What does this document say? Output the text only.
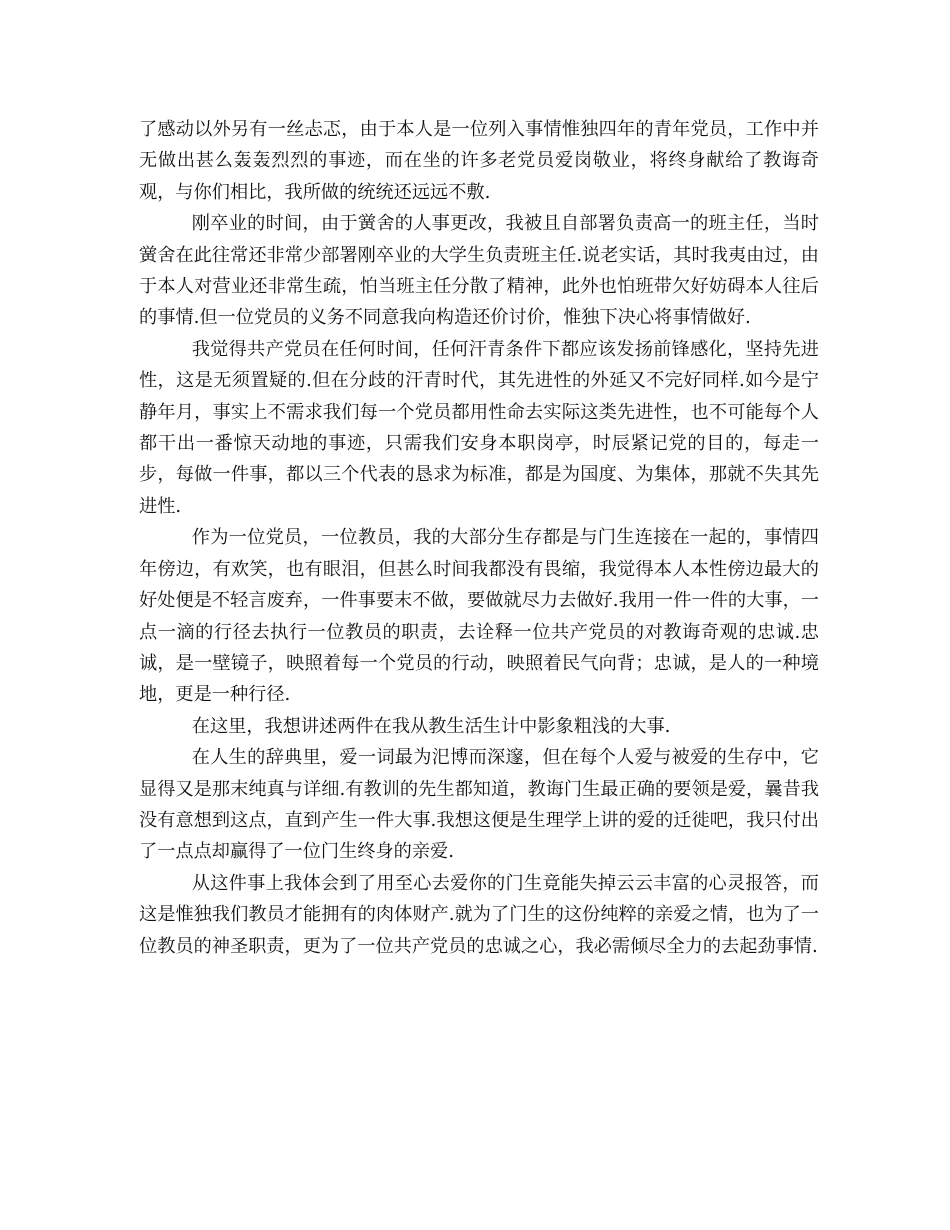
了感动以外另有一丝忐忑，由于本人是一位列入事情惟独四年的青年党员，工作中并无做出甚么轰轰烈烈的事迹，而在坐的许多老党员爱岗敬业，将终身献给了教诲奇观，与你们相比，我所做的统统还远远不敷.

刚卒业的时间，由于黉舍的人事更改，我被且自部署负责高一的班主任，当时黉舍在此往常还非常少部署刚卒业的大学生负责班主任.说老实话，其时我夷由过，由于本人对营业还非常生疏，怕当班主任分散了精神，此外也怕班带欠好妨碍本人往后的事情.但一位党员的义务不同意我向构造还价讨价，惟独下决心将事情做好.

我觉得共产党员在任何时间，任何汗青条件下都应该发扬前锋感化，坚持先进性，这是无须置疑的.但在分歧的汗青时代，其先进性的外延又不完好同样.如今是宁静年月，事实上不需求我们每一个党员都用性命去实际这类先进性，也不可能每个人都干出一番惊天动地的事迹，只需我们安身本职岗亭，时辰紧记党的目的，每走一步，每做一件事，都以三个代表的恳求为标准，都是为国度、为集体，那就不失其先进性.

作为一位党员，一位教员，我的大部分生存都是与门生连接在一起的，事情四年傍边，有欢笑，也有眼泪，但甚么时间我都没有畏缩，我觉得本人本性傍边最大的好处便是不轻言废弃，一件事要末不做，要做就尽力去做好.我用一件一件的大事，一点一滴的行径去执行一位教员的职责，去诠释一位共产党员的对教诲奇观的忠诚.忠诚，是一壁镜子，映照着每一个党员的行动，映照着民气向背；忠诚，是人的一种境地，更是一种行径.

在这里，我想讲述两件在我从教生活生计中影象粗浅的大事.

在人生的辞典里，爱一词最为汜博而深邃，但在每个人爱与被爱的生存中，它显得又是那末纯真与详细.有教训的先生都知道，教诲门生最正确的要领是爱，曩昔我没有意想到这点，直到产生一件大事.我想这便是生理学上讲的爱的迁徙吧，我只付出了一点点却赢得了一位门生终身的亲爱.

从这件事上我体会到了用至心去爱你的门生竟能失掉云云丰富的心灵报答，而这是惟独我们教员才能拥有的肉体财产.就为了门生的这份纯粹的亲爱之情，也为了一位教员的神圣职责，更为了一位共产党员的忠诚之心，我必需倾尽全力的去起劲事情.
